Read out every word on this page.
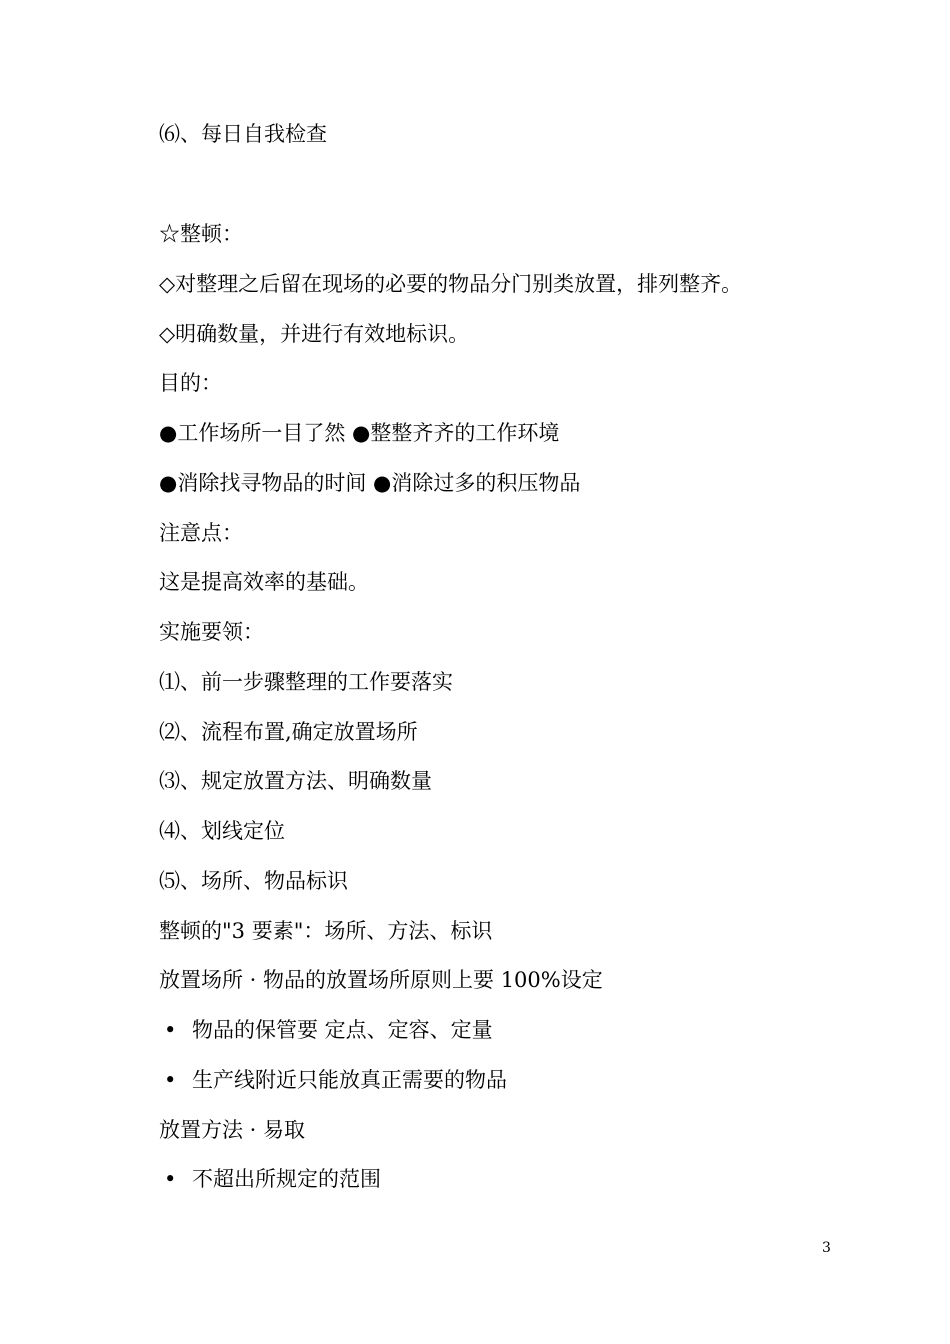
⑹、每日自我检查
☆整顿：
◇对整理之后留在现场的必要的物品分门别类放置，排列整齐。
◇明确数量，并进行有效地标识。
目的：
●工作场所一目了然 ●整整齐齐的工作环境
●消除找寻物品的时间 ●消除过多的积压物品
注意点：
这是提高效率的基础。
实施要领：
⑴、前一步骤整理的工作要落实
⑵、流程布置,确定放置场所
⑶、规定放置方法、明确数量
⑷、划线定位
⑸、场所、物品标识
整顿的"3 要素"：场所、方法、标识
放置场所 · 物品的放置场所原则上要 100%设定
• 物品的保管要 定点、定容、定量
• 生产线附近只能放真正需要的物品
放置方法 · 易取
• 不超出所规定的范围
3
